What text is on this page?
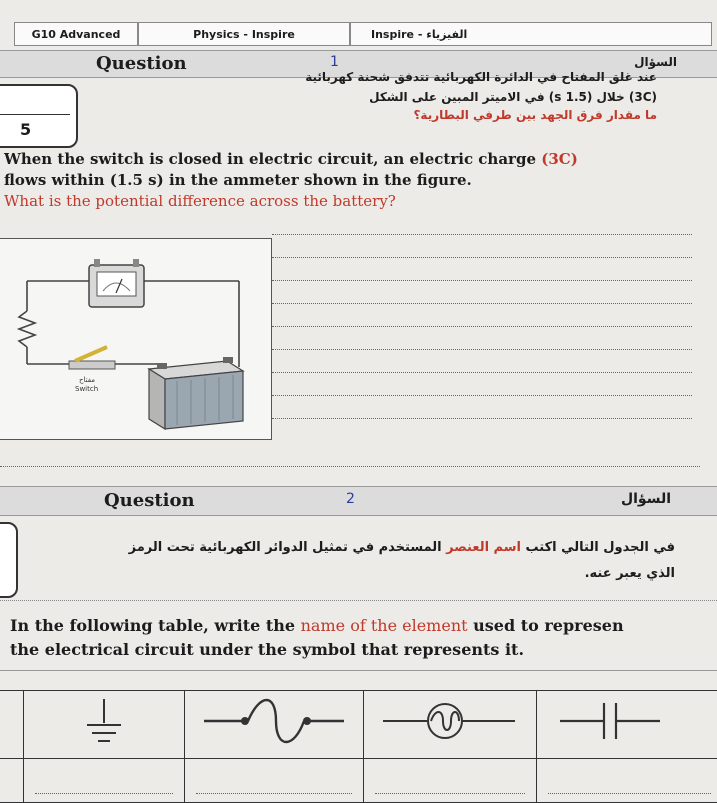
G10 Advanced	Physics - Inspire	Inspire - الفيزياء
Question	1	السؤال
5
عند غلق المفتاح في الدائرة الكهربائية تتدفق شحنة كهربائية
(3C) خلال (1.5 s) في الاميتر المبين على الشكل
ما مقدار فرق الجهد بين طرفي البطارية؟
When the switch is closed in electric circuit, an electric charge (3C)
flows within (1.5 s) in the ammeter shown in the figure.
What is the potential difference across the battery?
مفتاح
Switch
Question	2	السؤال
في الجدول التالي اكتب اسم العنصر المستخدم في تمثيل الدوائر الكهربائية تحت الرمز
الذي يعبر عنه.
In the following table, write the name of the element used to represen
the electrical circuit under the symbol that represents it.
